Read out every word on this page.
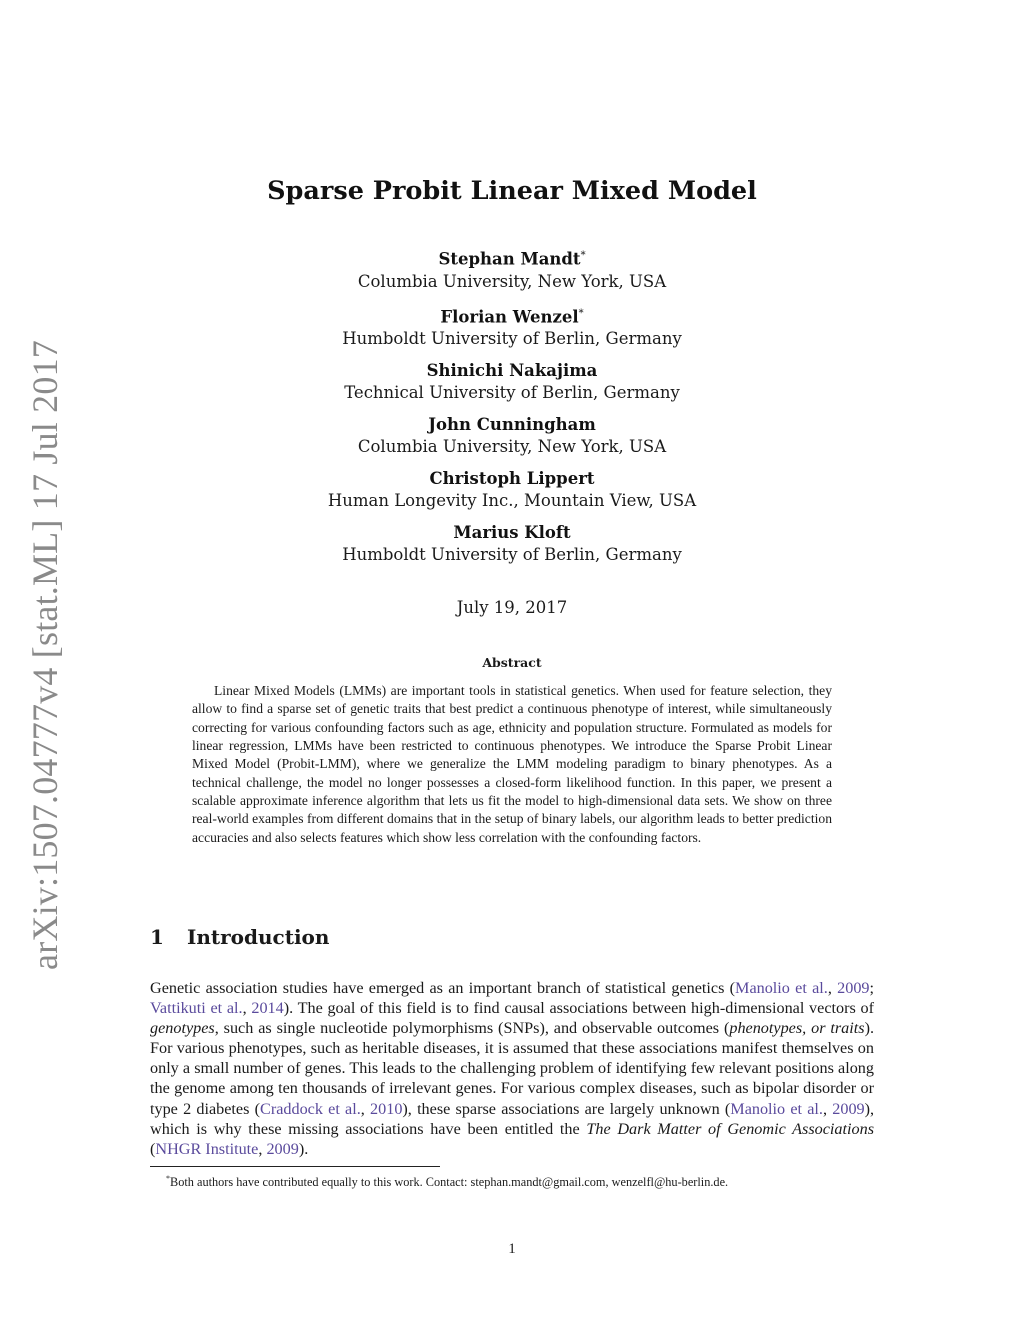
arXiv:1507.04777v4 [stat.ML] 17 Jul 2017
Sparse Probit Linear Mixed Model
Stephan Mandt*
Columbia University, New York, USA
Florian Wenzel*
Humboldt University of Berlin, Germany
Shinichi Nakajima
Technical University of Berlin, Germany
John Cunningham
Columbia University, New York, USA
Christoph Lippert
Human Longevity Inc., Mountain View, USA
Marius Kloft
Humboldt University of Berlin, Germany
July 19, 2017
Abstract
Linear Mixed Models (LMMs) are important tools in statistical genetics. When used for feature selection, they allow to find a sparse set of genetic traits that best predict a continuous phenotype of interest, while simultaneously correcting for various confounding factors such as age, ethnicity and population structure. Formulated as models for linear regression, LMMs have been restricted to continuous phenotypes. We introduce the Sparse Probit Linear Mixed Model (Probit-LMM), where we generalize the LMM modeling paradigm to binary phenotypes. As a technical challenge, the model no longer possesses a closed-form likelihood function. In this paper, we present a scalable approximate inference algorithm that lets us fit the model to high-dimensional data sets. We show on three real-world examples from different domains that in the setup of binary labels, our algorithm leads to better prediction accuracies and also selects features which show less correlation with the confounding factors.
1 Introduction
Genetic association studies have emerged as an important branch of statistical genetics (Manolio et al., 2009; Vattikuti et al., 2014). The goal of this field is to find causal associations between high-dimensional vectors of genotypes, such as single nucleotide polymorphisms (SNPs), and observable outcomes (phenotypes, or traits). For various phenotypes, such as heritable diseases, it is assumed that these associations manifest themselves on only a small number of genes. This leads to the challenging problem of identifying few relevant positions along the genome among ten thousands of irrelevant genes. For various complex diseases, such as bipolar disorder or type 2 diabetes (Craddock et al., 2010), these sparse associations are largely unknown (Manolio et al., 2009), which is why these missing associations have been entitled the The Dark Matter of Genomic Associations (NHGR Institute, 2009).
*Both authors have contributed equally to this work. Contact: stephan.mandt@gmail.com, wenzelfl@hu-berlin.de.
1
